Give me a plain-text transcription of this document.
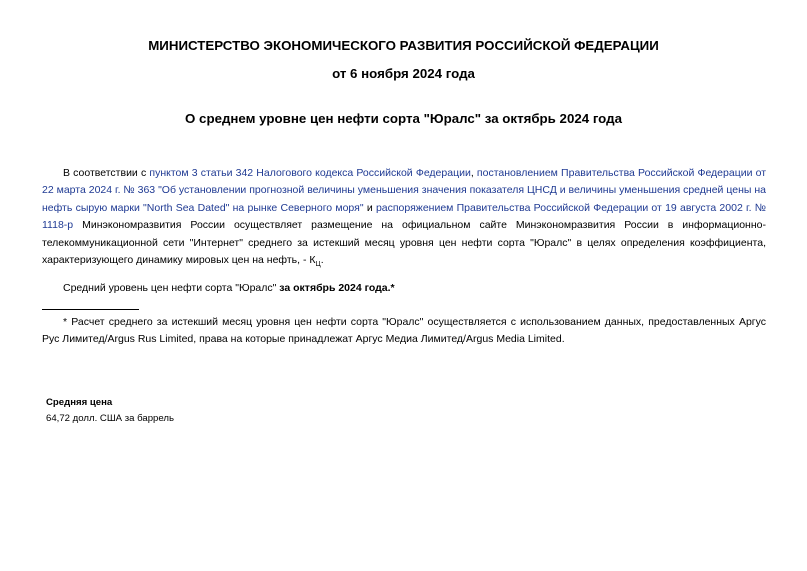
МИНИСТЕРСТВО ЭКОНОМИЧЕСКОГО РАЗВИТИЯ РОССИЙСКОЙ ФЕДЕРАЦИИ
от 6 ноября 2024 года
О среднем уровне цен нефти сорта "Юралс" за октябрь 2024 года

В соответствии с пунктом 3 статьи 342 Налогового кодекса Российской Федерации, постановлением Правительства Российской Федерации от 22 марта 2024 г. № 363 "Об установлении прогнозной величины уменьшения значения показателя ЦНСД и величины уменьшения средней цены на нефть сырую марки "North Sea Dated" на рынке Северного моря" и распоряжением Правительства Российской Федерации от 19 августа 2002 г. № 1118-р Минэкономразвития России осуществляет размещение на официальном сайте Минэкономразвития России в информационно-телекоммуникационной сети "Интернет" среднего за истекший месяц уровня цен нефти сорта "Юралс" в целях определения коэффициента, характеризующего динамику мировых цен на нефть, - $К_Ц$.

Средний уровень цен нефти сорта "Юралс" за октябрь 2024 года.*

* Расчет среднего за истекший месяц уровня цен нефти сорта "Юралс" осуществляется с использованием данных, предоставленных Аргус Рус Лимитед/Argus Rus Limited, права на которые принадлежат Аргус Медиа Лимитед/Argus Media Limited.

Средняя цена
64,72 долл. США за баррель
